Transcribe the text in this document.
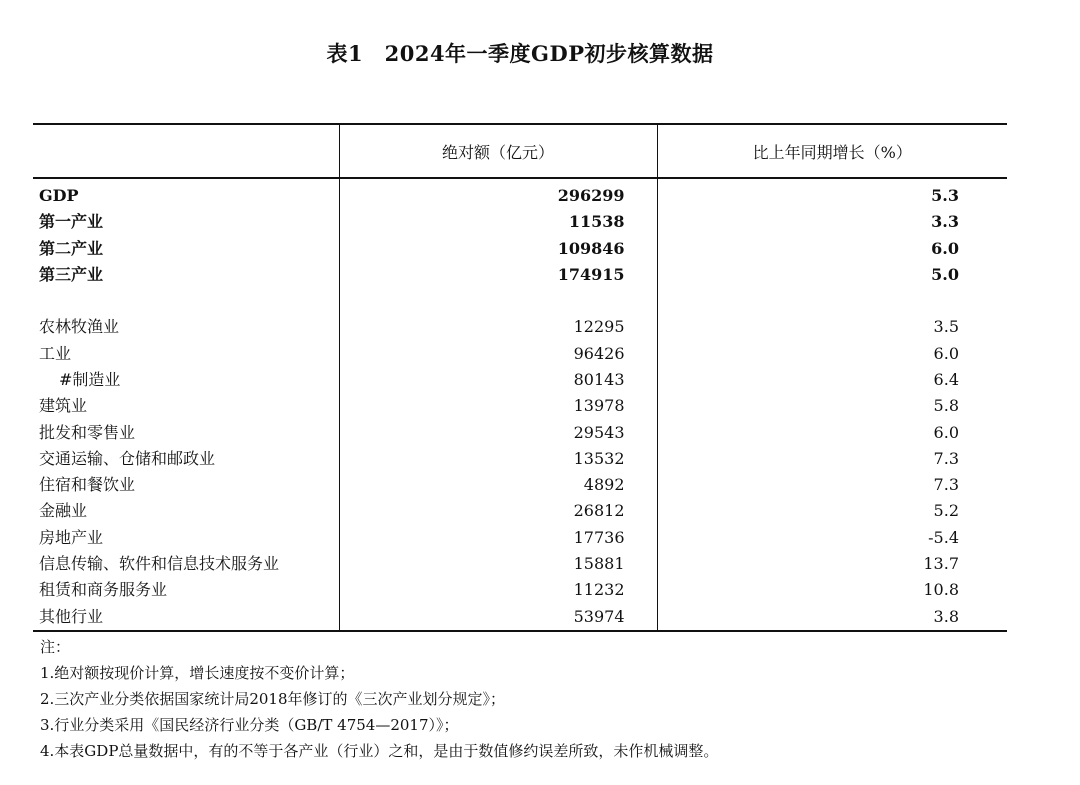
表1　2024年一季度GDP初步核算数据
	绝对额（亿元）	比上年同期增长（%）
GDP	296299	5.3
第一产业	11538	3.3
第二产业	109846	6.0
第三产业	174915	5.0

农林牧渔业	12295	3.5
工业	96426	6.0
#制造业	80143	6.4
建筑业	13978	5.8
批发和零售业	29543	6.0
交通运输、仓储和邮政业	13532	7.3
住宿和餐饮业	4892	7.3
金融业	26812	5.2
房地产业	17736	-5.4
信息传输、软件和信息技术服务业	15881	13.7
租赁和商务服务业	11232	10.8
其他行业	53974	3.8
注：
1.绝对额按现价计算，增长速度按不变价计算；
2.三次产业分类依据国家统计局2018年修订的《三次产业划分规定》；
3.行业分类采用《国民经济行业分类（GB/T 4754—2017）》；
4.本表GDP总量数据中，有的不等于各产业（行业）之和，是由于数值修约误差所致，未作机械调整。
